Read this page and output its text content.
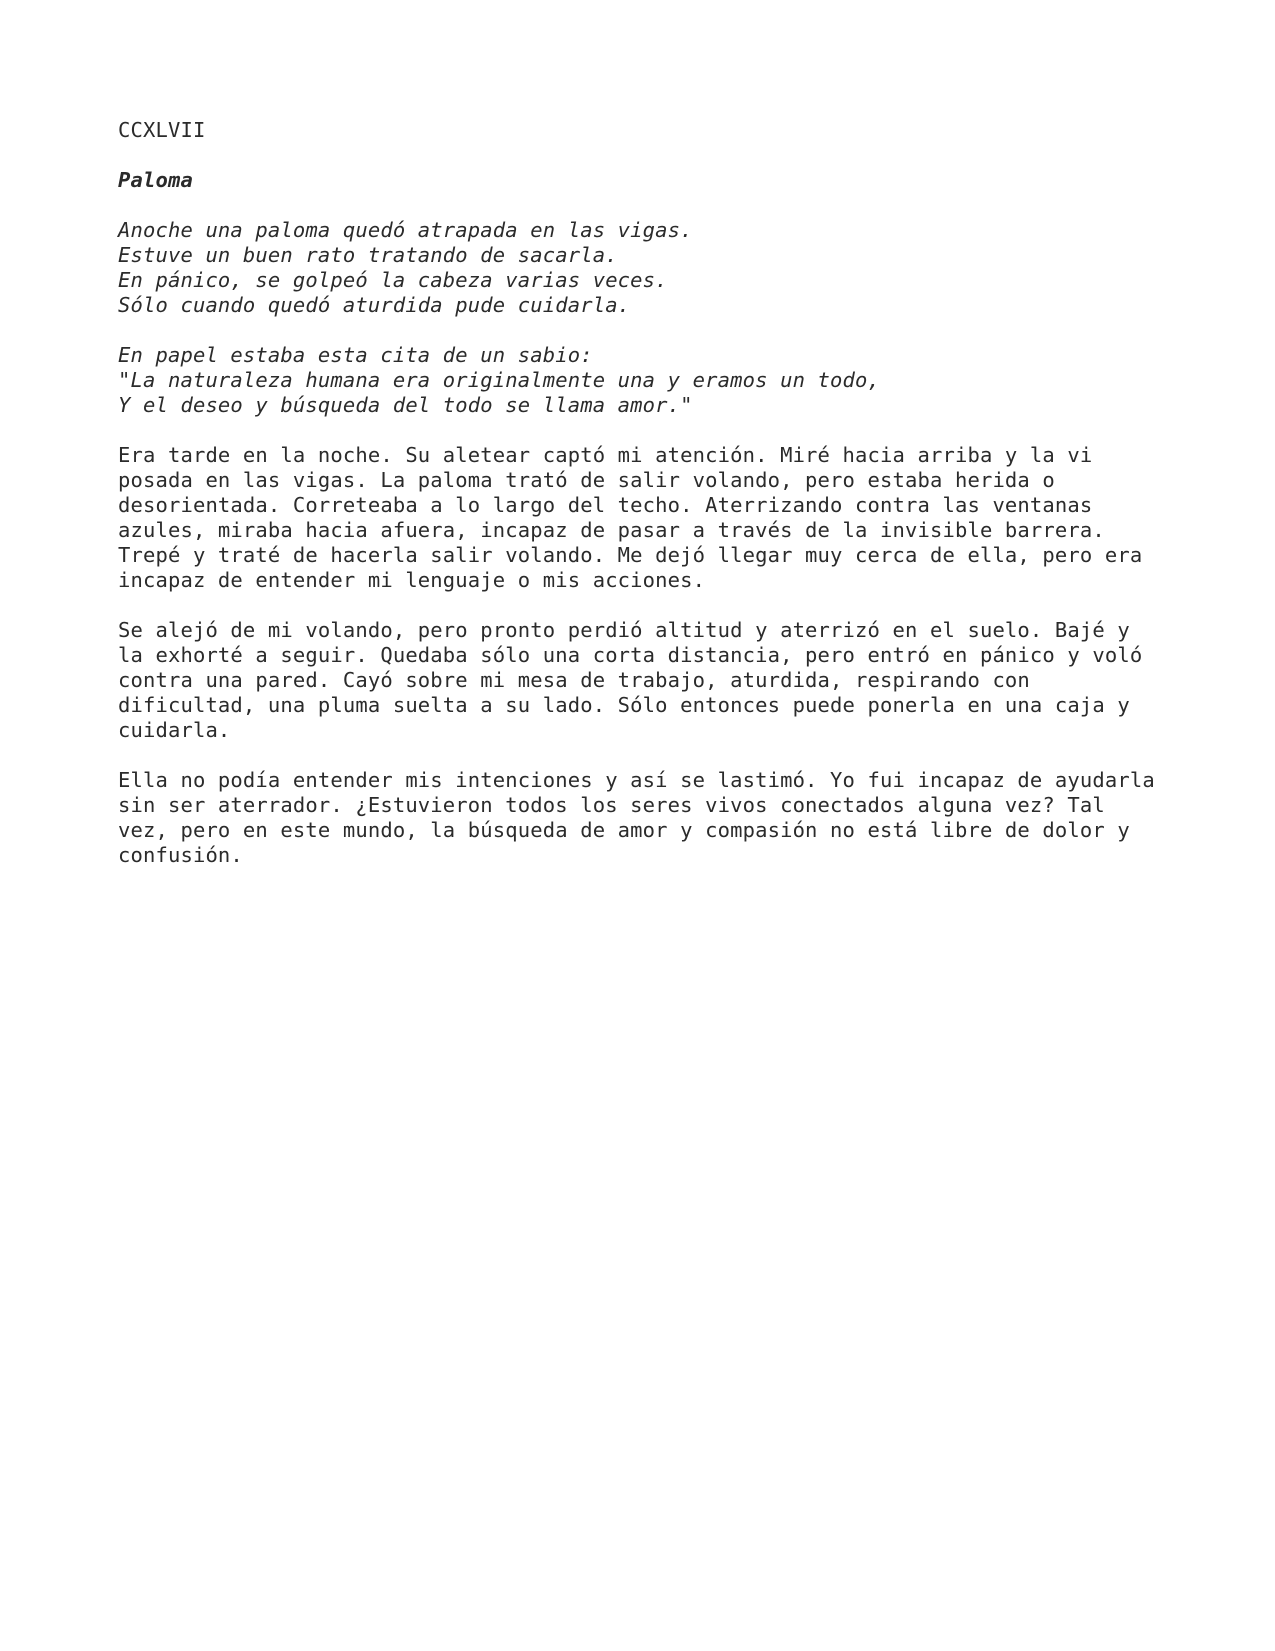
CCXLVII
Paloma
Anoche una paloma quedó atrapada en las vigas.
Estuve un buen rato tratando de sacarla.
En pánico, se golpeó la cabeza varias veces.
Sólo cuando quedó aturdida pude cuidarla.
En papel estaba esta cita de un sabio:
"La naturaleza humana era originalmente una y eramos un todo,
Y el deseo y búsqueda del todo se llama amor."
Era tarde en la noche. Su aletear captó mi atención. Miré hacia arriba y la vi
posada en las vigas. La paloma trató de salir volando, pero estaba herida o
desorientada. Correteaba a lo largo del techo. Aterrizando contra las ventanas
azules, miraba hacia afuera, incapaz de pasar a través de la invisible barrera.
Trepé y traté de hacerla salir volando. Me dejó llegar muy cerca de ella, pero era
incapaz de entender mi lenguaje o mis acciones.
Se alejó de mi volando, pero pronto perdió altitud y aterrizó en el suelo. Bajé y
la exhorté a seguir. Quedaba sólo una corta distancia, pero entró en pánico y voló
contra una pared. Cayó sobre mi mesa de trabajo, aturdida, respirando con
dificultad, una pluma suelta a su lado. Sólo entonces puede ponerla en una caja y
cuidarla.
Ella no podía entender mis intenciones y así se lastimó. Yo fui incapaz de ayudarla
sin ser aterrador. ¿Estuvieron todos los seres vivos conectados alguna vez? Tal
vez, pero en este mundo, la búsqueda de amor y compasión no está libre de dolor y
confusión.
